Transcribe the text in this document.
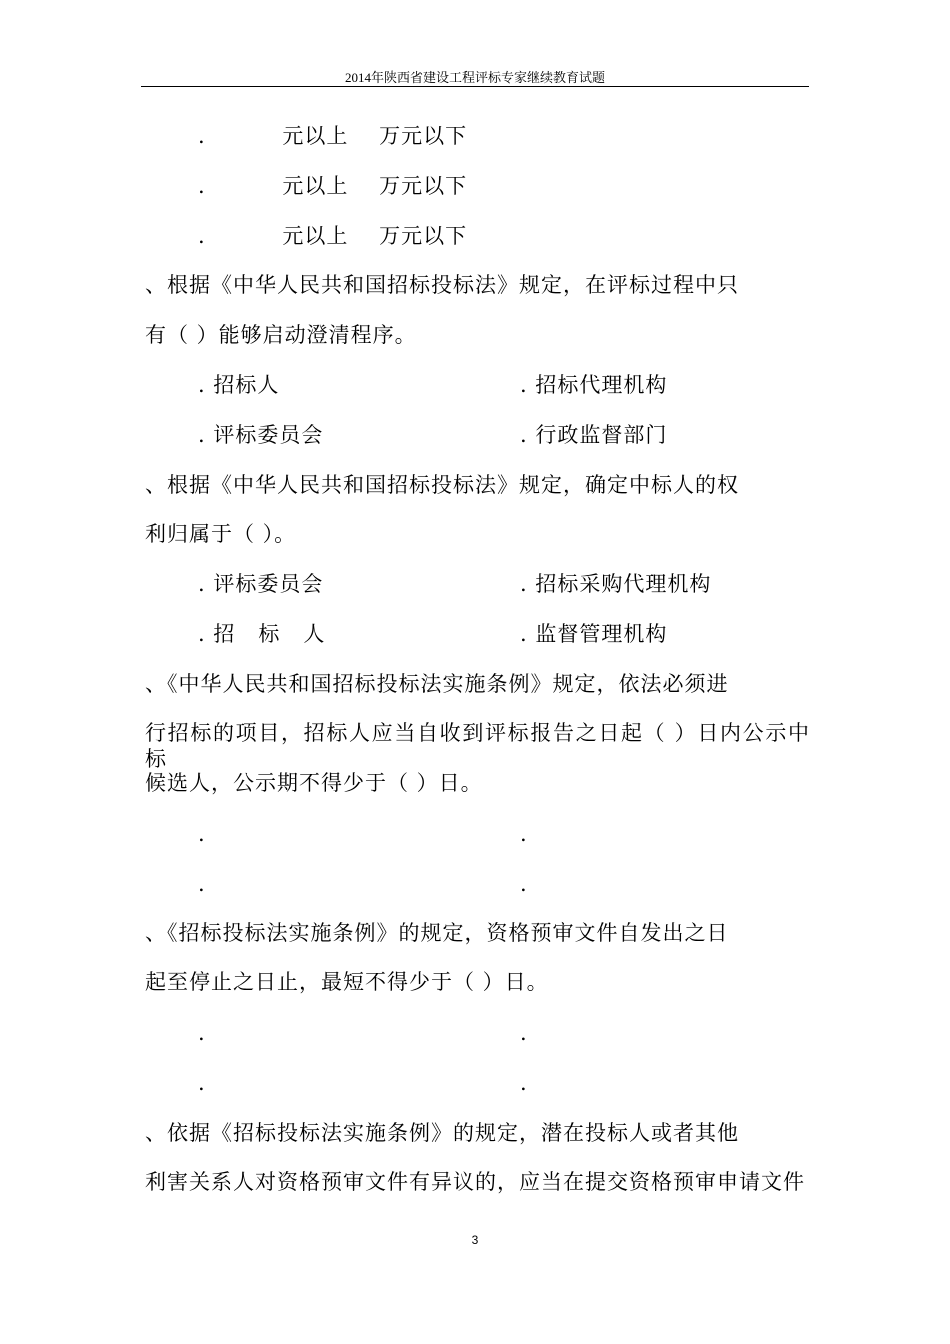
2014年陕西省建设工程评标专家继续教育试题
.          元以上    万元以下
.          元以上    万元以下
.          元以上    万元以下
、根据《中华人民共和国招标投标法》规定，在评标过程中只
有（ ）能够启动澄清程序。
. 招标人	. 招标代理机构
. 评标委员会	. 行政监督部门
、根据《中华人民共和国招标投标法》规定，确定中标人的权
利归属于（ ）。
. 评标委员会	. 招标采购代理机构
. 招   标   人	. 监督管理机构
、《中华人民共和国招标投标法实施条例》规定，依法必须进
行招标的项目，招标人应当自收到评标报告之日起（ ）日内公示中标
候选人，公示期不得少于（ ）日。
.	.
.	.
、《招标投标法实施条例》的规定，资格预审文件自发出之日
起至停止之日止，最短不得少于（ ）日。
.	.
.	.
、依据《招标投标法实施条例》的规定，潜在投标人或者其他
利害关系人对资格预审文件有异议的，应当在提交资格预审申请文件
3
